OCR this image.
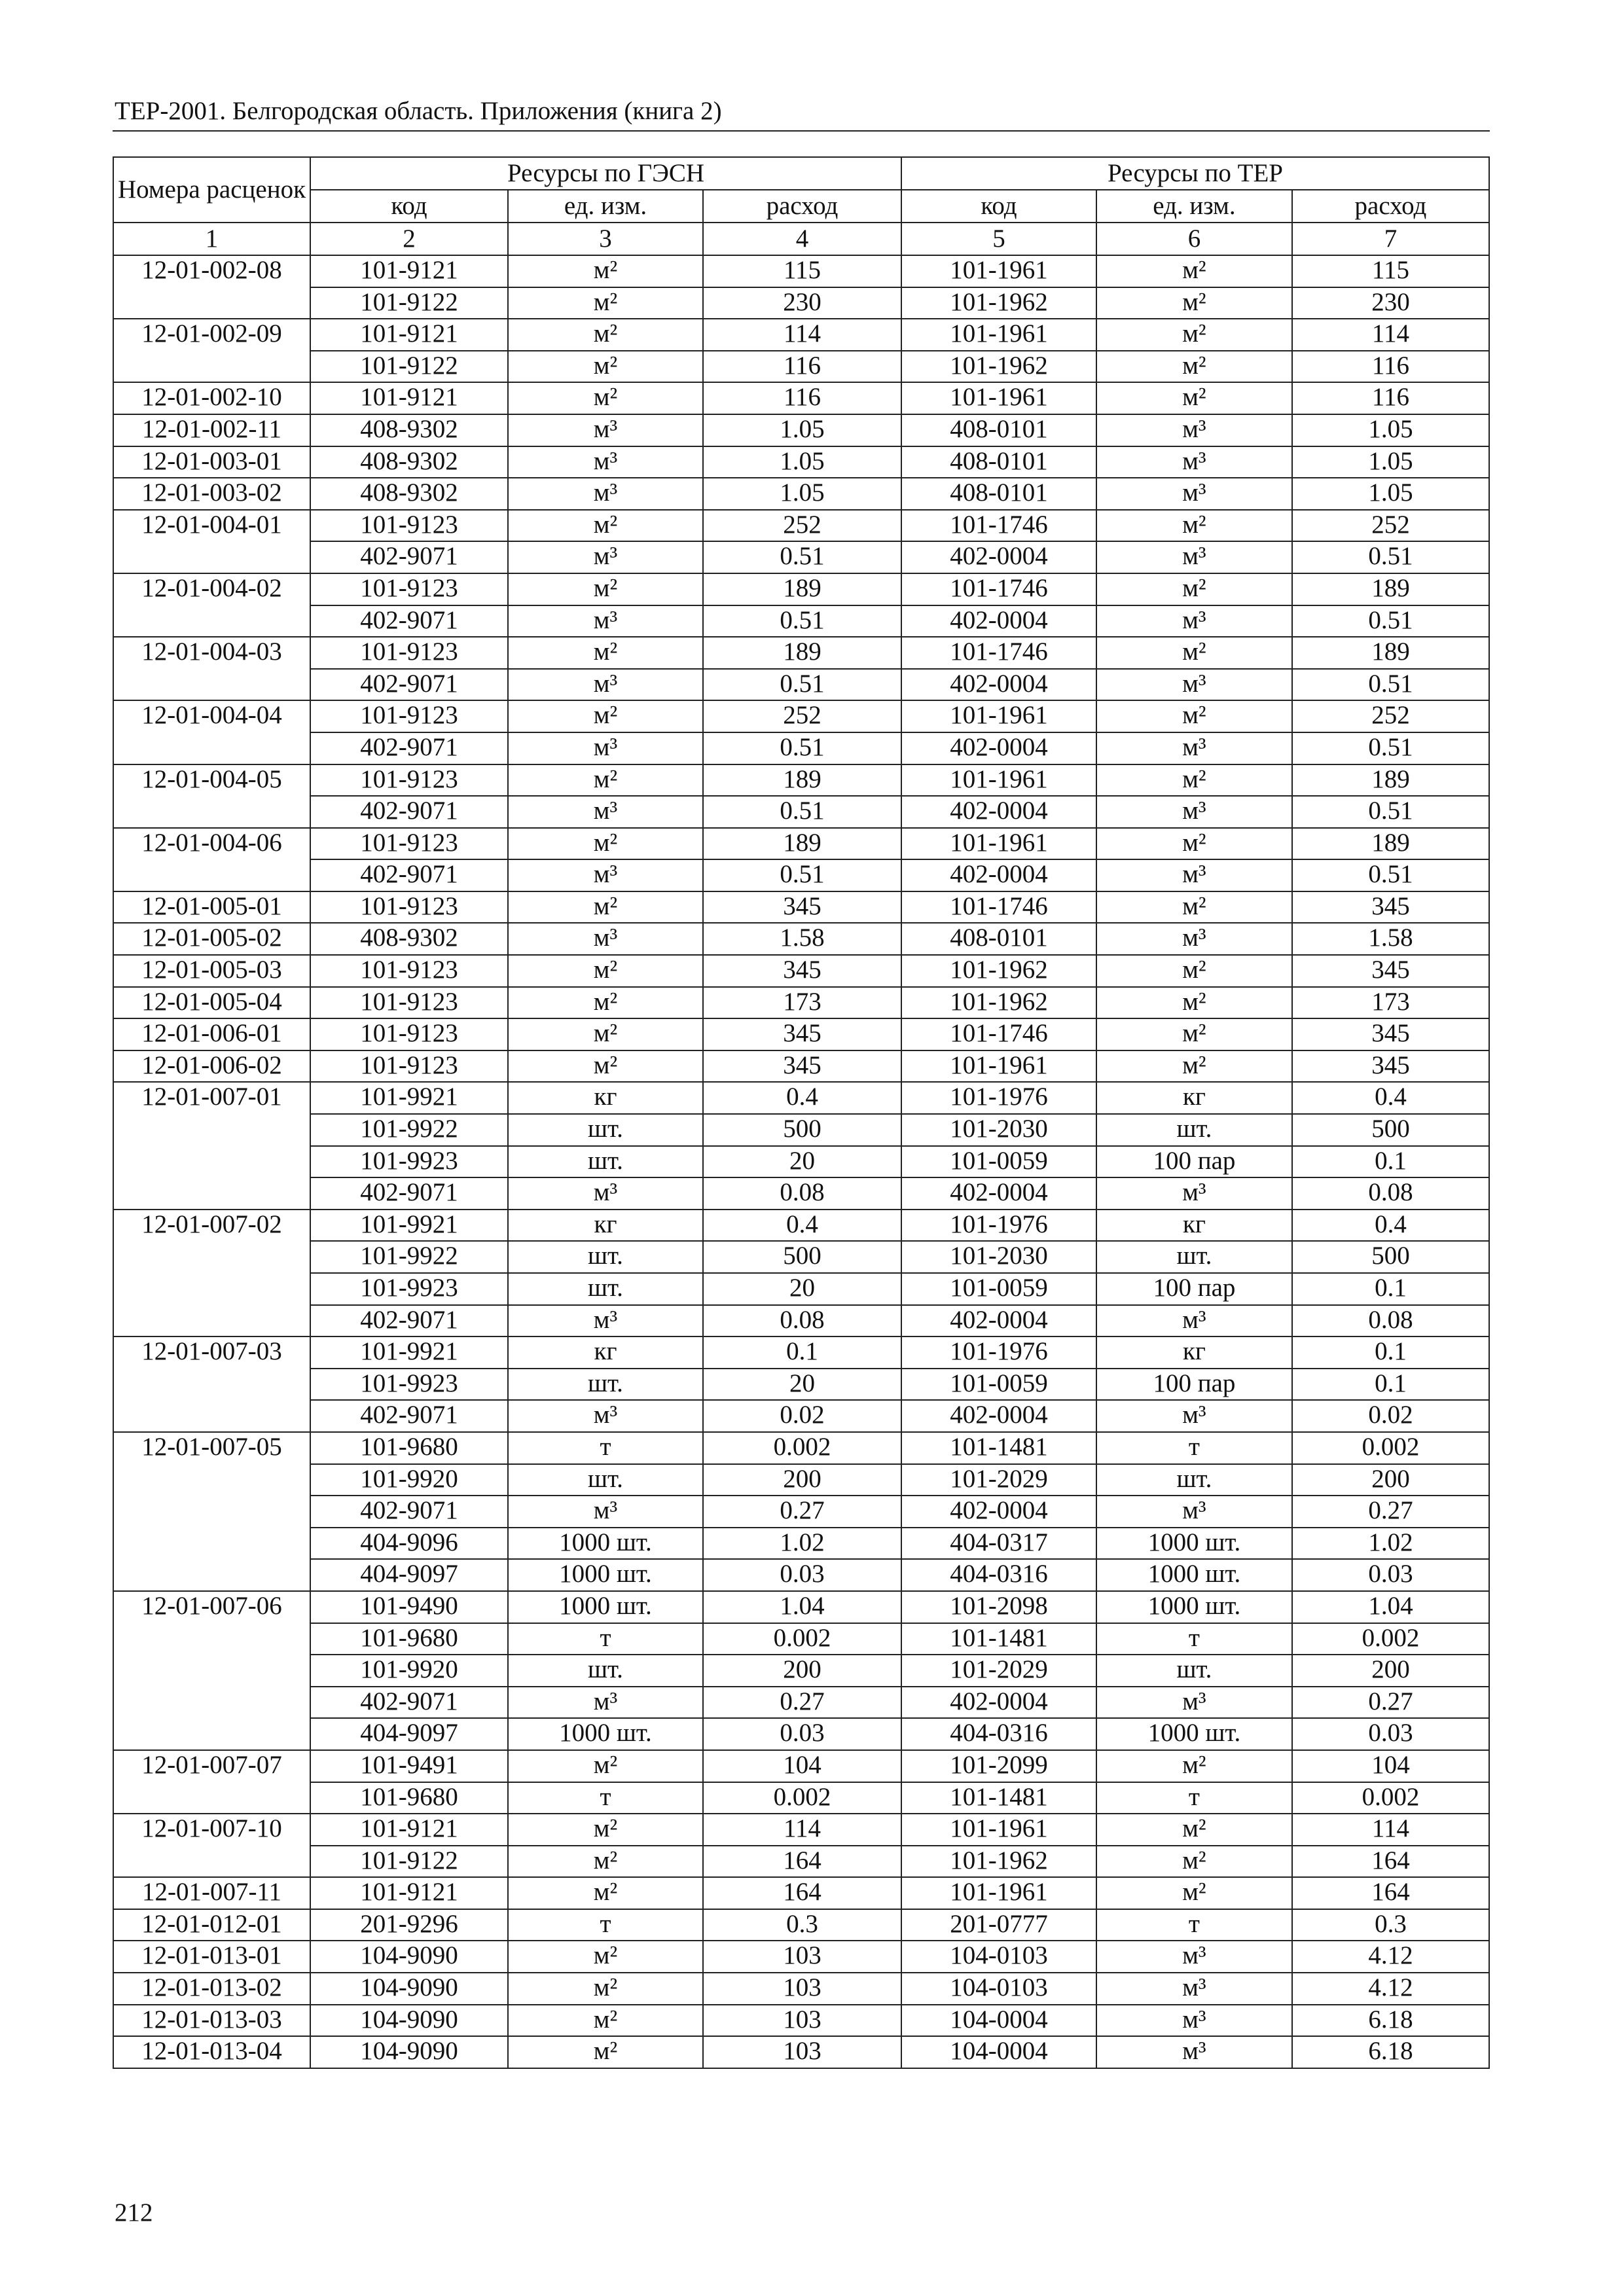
ТЕР-2001. Белгородская область. Приложения (книга 2)
Номера расценок	Ресурсы по ГЭСН			Ресурсы по ТЕР		
	код	ед. изм.	расход	код	ед. изм.	расход
1	2	3	4	5	6	7
12-01-002-08	101-9121	м²	115	101-1961	м²	115
	101-9122	м²	230	101-1962	м²	230
12-01-002-09	101-9121	м²	114	101-1961	м²	114
	101-9122	м²	116	101-1962	м²	116
12-01-002-10	101-9121	м²	116	101-1961	м²	116
12-01-002-11	408-9302	м³	1.05	408-0101	м³	1.05
12-01-003-01	408-9302	м³	1.05	408-0101	м³	1.05
12-01-003-02	408-9302	м³	1.05	408-0101	м³	1.05
12-01-004-01	101-9123	м²	252	101-1746	м²	252
	402-9071	м³	0.51	402-0004	м³	0.51
12-01-004-02	101-9123	м²	189	101-1746	м²	189
	402-9071	м³	0.51	402-0004	м³	0.51
12-01-004-03	101-9123	м²	189	101-1746	м²	189
	402-9071	м³	0.51	402-0004	м³	0.51
12-01-004-04	101-9123	м²	252	101-1961	м²	252
	402-9071	м³	0.51	402-0004	м³	0.51
12-01-004-05	101-9123	м²	189	101-1961	м²	189
	402-9071	м³	0.51	402-0004	м³	0.51
12-01-004-06	101-9123	м²	189	101-1961	м²	189
	402-9071	м³	0.51	402-0004	м³	0.51
12-01-005-01	101-9123	м²	345	101-1746	м²	345
12-01-005-02	408-9302	м³	1.58	408-0101	м³	1.58
12-01-005-03	101-9123	м²	345	101-1962	м²	345
12-01-005-04	101-9123	м²	173	101-1962	м²	173
12-01-006-01	101-9123	м²	345	101-1746	м²	345
12-01-006-02	101-9123	м²	345	101-1961	м²	345
12-01-007-01	101-9921	кг	0.4	101-1976	кг	0.4
	101-9922	шт.	500	101-2030	шт.	500
	101-9923	шт.	20	101-0059	100 пар	0.1
	402-9071	м³	0.08	402-0004	м³	0.08
12-01-007-02	101-9921	кг	0.4	101-1976	кг	0.4
	101-9922	шт.	500	101-2030	шт.	500
	101-9923	шт.	20	101-0059	100 пар	0.1
	402-9071	м³	0.08	402-0004	м³	0.08
12-01-007-03	101-9921	кг	0.1	101-1976	кг	0.1
	101-9923	шт.	20	101-0059	100 пар	0.1
	402-9071	м³	0.02	402-0004	м³	0.02
12-01-007-05	101-9680	т	0.002	101-1481	т	0.002
	101-9920	шт.	200	101-2029	шт.	200
	402-9071	м³	0.27	402-0004	м³	0.27
	404-9096	1000 шт.	1.02	404-0317	1000 шт.	1.02
	404-9097	1000 шт.	0.03	404-0316	1000 шт.	0.03
12-01-007-06	101-9490	1000 шт.	1.04	101-2098	1000 шт.	1.04
	101-9680	т	0.002	101-1481	т	0.002
	101-9920	шт.	200	101-2029	шт.	200
	402-9071	м³	0.27	402-0004	м³	0.27
	404-9097	1000 шт.	0.03	404-0316	1000 шт.	0.03
12-01-007-07	101-9491	м²	104	101-2099	м²	104
	101-9680	т	0.002	101-1481	т	0.002
12-01-007-10	101-9121	м²	114	101-1961	м²	114
	101-9122	м²	164	101-1962	м²	164
12-01-007-11	101-9121	м²	164	101-1961	м²	164
12-01-012-01	201-9296	т	0.3	201-0777	т	0.3
12-01-013-01	104-9090	м²	103	104-0103	м³	4.12
12-01-013-02	104-9090	м²	103	104-0103	м³	4.12
12-01-013-03	104-9090	м²	103	104-0004	м³	6.18
12-01-013-04	104-9090	м²	103	104-0004	м³	6.18
212
